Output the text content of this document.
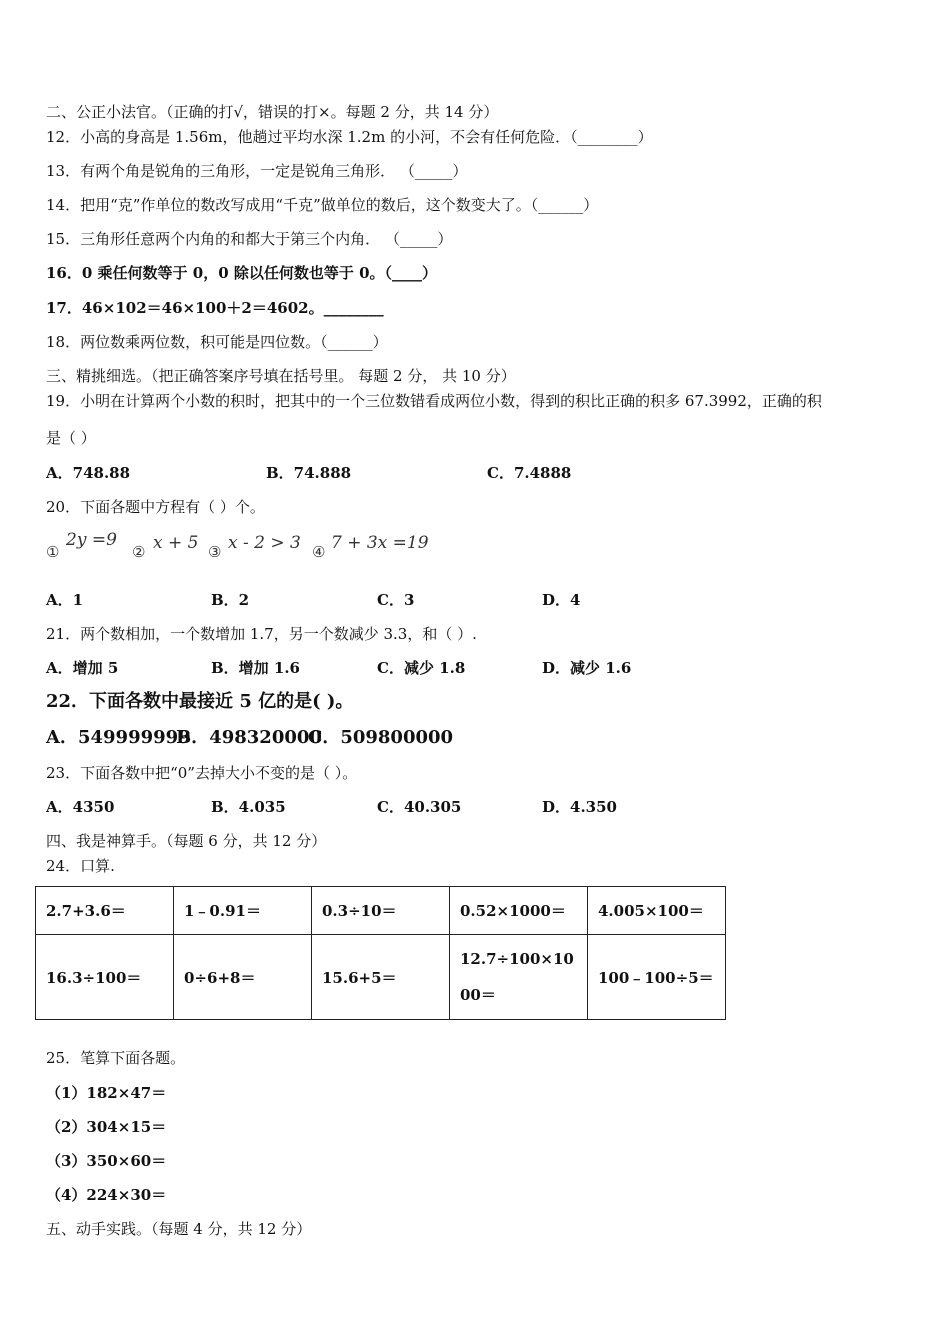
二、公正小法官。（正确的打√，错误的打×。每题 2 分，共 14 分）
12．小高的身高是 1.56m，他趟过平均水深 1.2m 的小河，不会有任何危险．（________）
13．有两个角是锐角的三角形，一定是锐角三角形． （_____）
14．把用“克”作单位的数改写成用“千克”做单位的数后，这个数变大了。（______）
15．三角形任意两个内角的和都大于第三个内角． （_____）
16．0 乘任何数等于 0，0 除以任何数也等于 0。（____）
17．46×102＝46×100＋2＝4602。________
18．两位数乘两位数，积可能是四位数。（______）
三、精挑细选。（把正确答案序号填在括号里。 每题 2 分， 共 10 分）
19．小明在计算两个小数的积时，把其中的一个三位数错看成两位小数，得到的积比正确的积多 67.3992，正确的积
是（ ）
A．748.88	B．74.888	C．7.4888
20．下面各题中方程有（ ）个。
①
2y =9
② x + 5 ③ x - 2 > 3 ④ 7 + 3x =19
A．1	B．2	C．3	D．4
21．两个数相加，一个数增加 1.7，另一个数减少 3.3，和（ ）.
A．增加 5	B．增加 1.6	C．减少 1.8	D．减少 1.6
22．下面各数中最接近 5 亿的是( )。
A．549999999
B．498320000
C．509800000
23．下面各数中把“0”去掉大小不变的是（ ）。
A．4350	B．4.035	C．40.305	D．4.350
四、我是神算手。（每题 6 分，共 12 分）
24．口算.
2.7+3.6＝	1﹣0.91＝	0.3÷10＝	0.52×1000＝	4.005×100＝
16.3÷100＝	0÷6+8＝	15.6+5＝	12.7÷100×1000＝	100﹣100÷5＝
25．笔算下面各题。
（1）182×47＝
（2）304×15＝
（3）350×60＝
（4）224×30＝
五、动手实践。（每题 4 分，共 12 分）
